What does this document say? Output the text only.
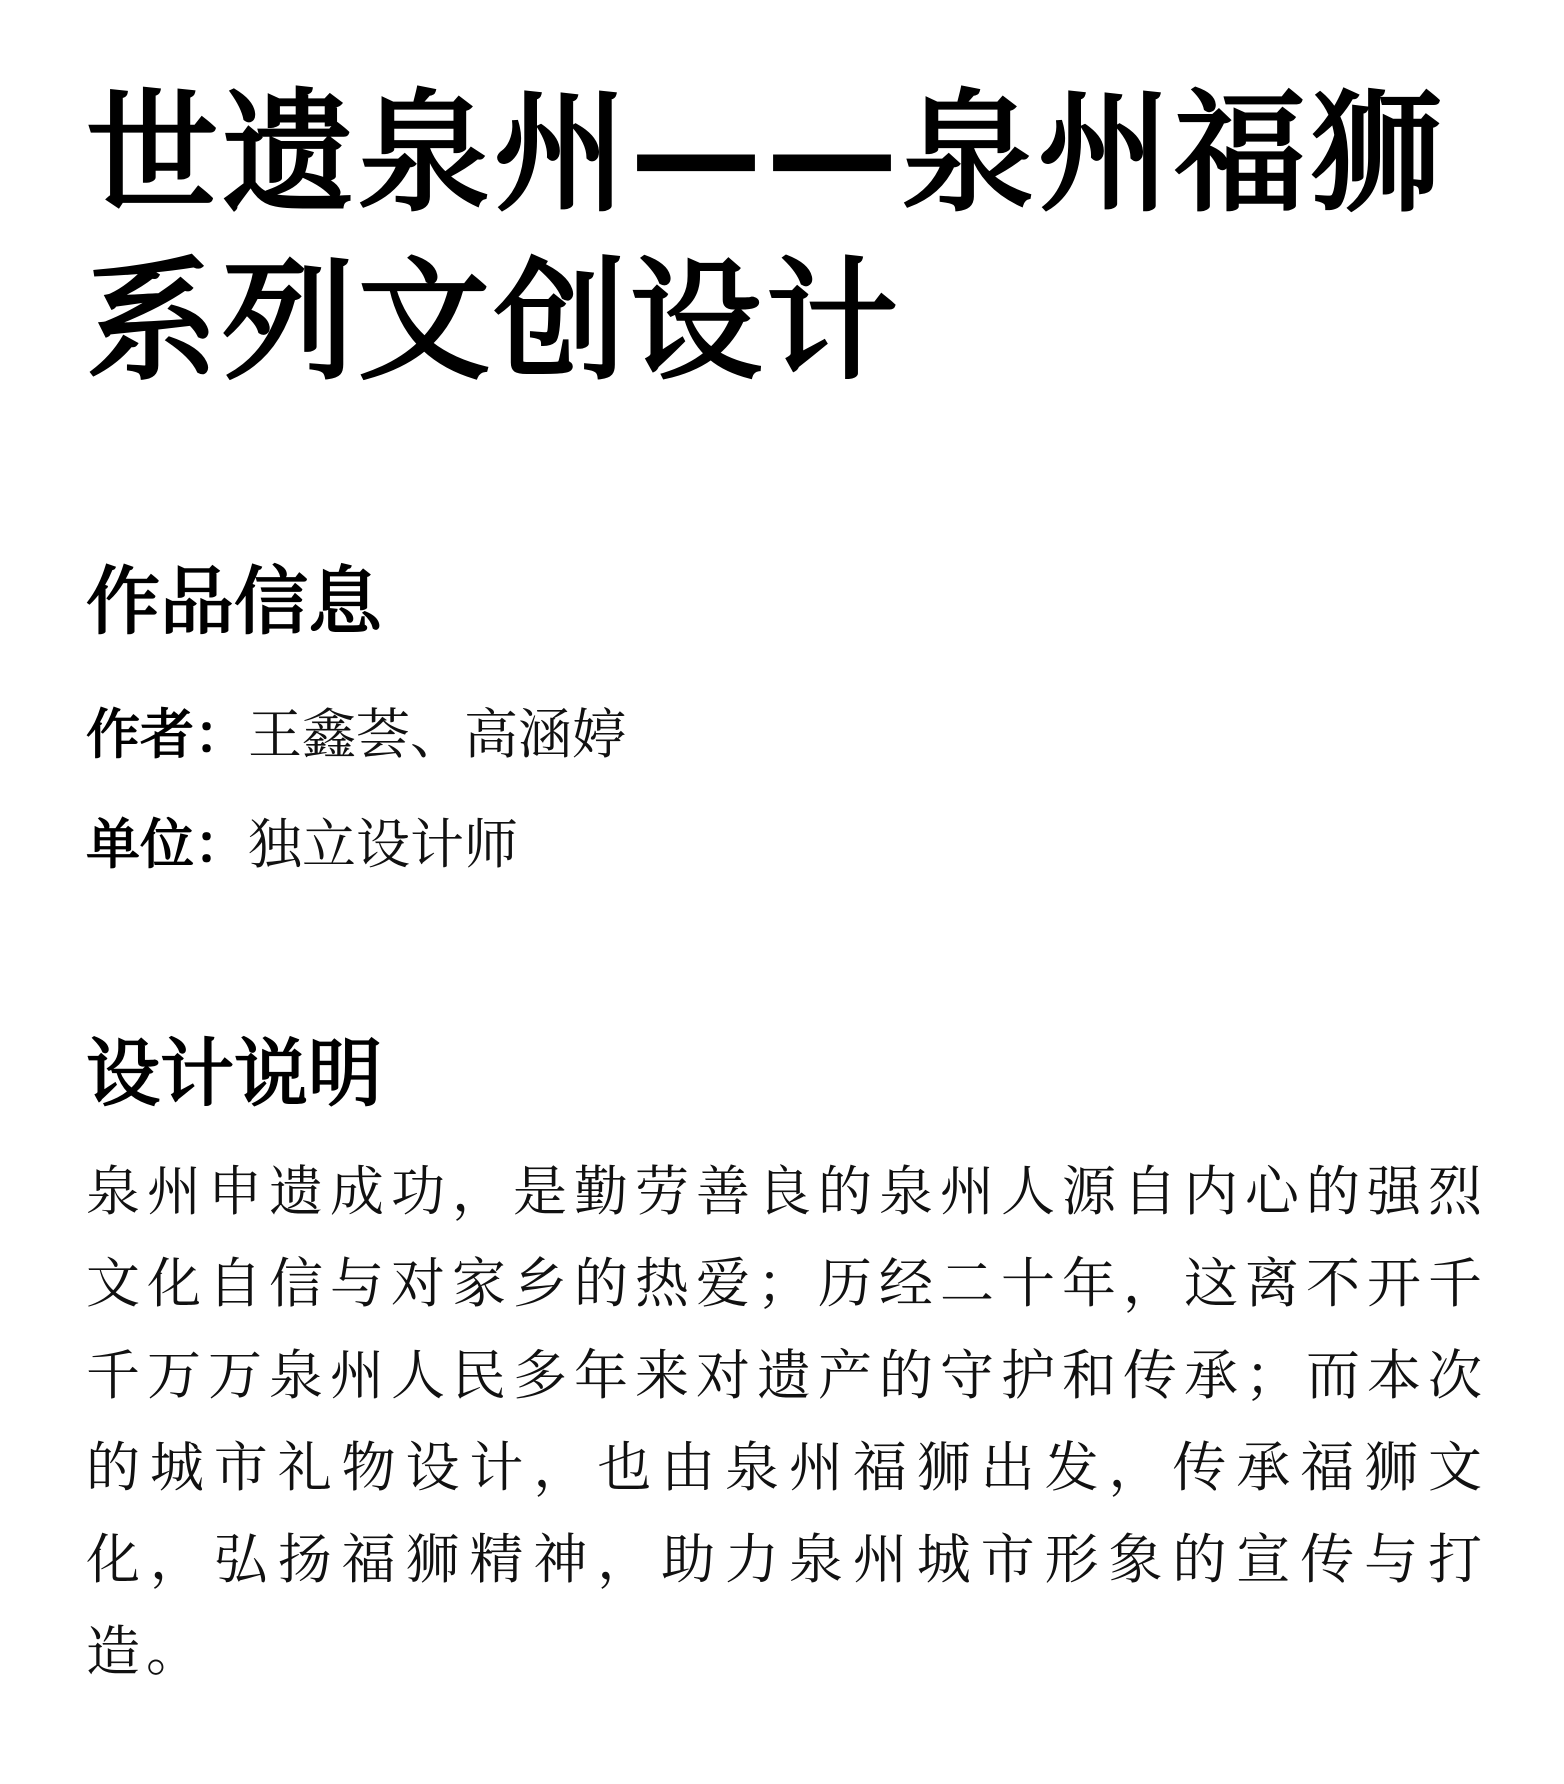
世遗泉州——泉州福狮系列文创设计
作品信息
作者：王鑫荟、高涵婷
单位：独立设计师
设计说明

泉州申遗成功，是勤劳善良的泉州人源自内心的强烈文化自信与对家乡的热爱；历经二十年，这离不开千千万万泉州人民多年来对遗产的守护和传承；而本次的城市礼物设计，也由泉州福狮出发，传承福狮文化，弘扬福狮精神，助力泉州城市形象的宣传与打造。
